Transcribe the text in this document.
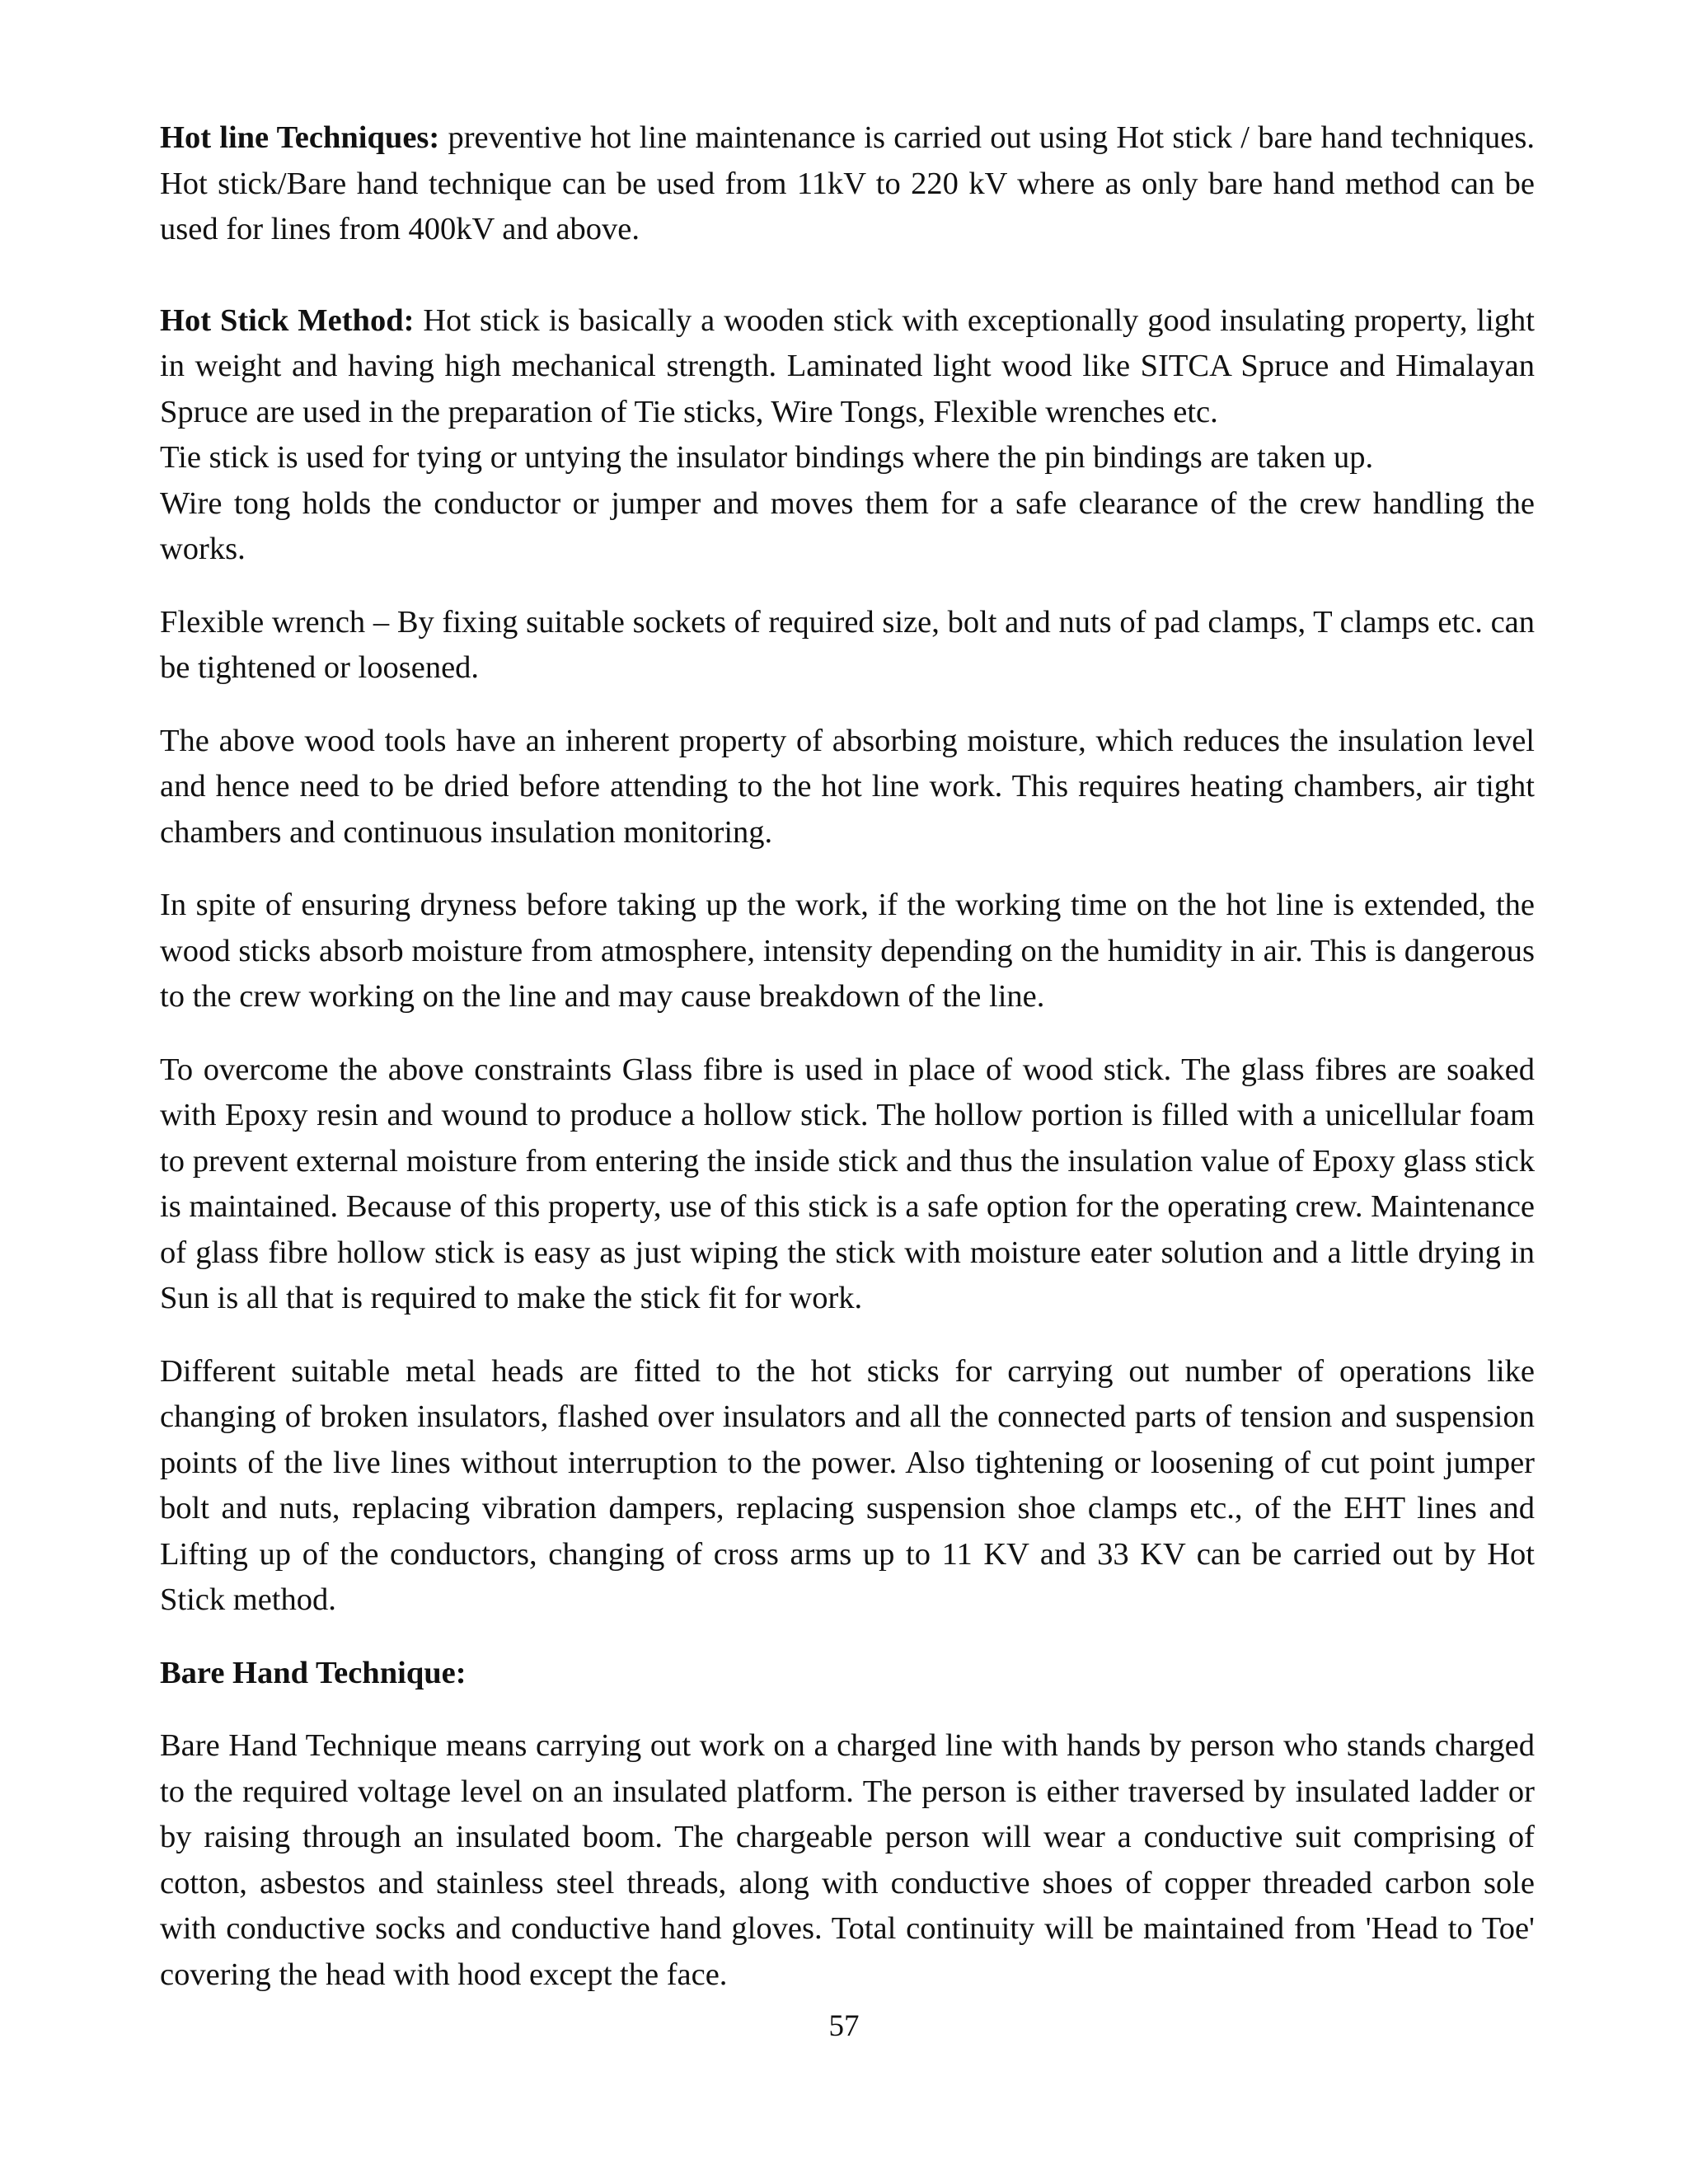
Hot line Techniques: preventive hot line maintenance is carried out using Hot stick / bare hand techniques. Hot stick/Bare hand technique can be used from 11kV to 220 kV where as only bare hand method can be used for lines from 400kV and above.

Hot Stick Method: Hot stick is basically a wooden stick with exceptionally good insulating property, light in weight and having high mechanical strength. Laminated light wood like SITCA Spruce and Himalayan Spruce are used in the preparation of Tie sticks, Wire Tongs, Flexible wrenches etc.

Tie stick is used for tying or untying the insulator bindings where the pin bindings are taken up.

Wire tong holds the conductor or jumper and moves them for a safe clearance of the crew handling the works.

Flexible wrench – By fixing suitable sockets of required size, bolt and nuts of pad clamps, T clamps etc. can be tightened or loosened.

The above wood tools have an inherent property of absorbing moisture, which reduces the insulation level and hence need to be dried before attending to the hot line work. This requires heating chambers, air tight chambers and continuous insulation monitoring.

In spite of ensuring dryness before taking up the work, if the working time on the hot line is extended, the wood sticks absorb moisture from atmosphere, intensity depending on the humidity in air. This is dangerous to the crew working on the line and may cause breakdown of the line.

To overcome the above constraints Glass fibre is used in place of wood stick. The glass fibres are soaked with Epoxy resin and wound to produce a hollow stick. The hollow portion is filled with a unicellular foam to prevent external moisture from entering the inside stick and thus the insulation value of Epoxy glass stick is maintained. Because of this property, use of this stick is a safe option for the operating crew. Maintenance of glass fibre hollow stick is easy as just wiping the stick with moisture eater solution and a little drying in Sun is all that is required to make the stick fit for work.

Different suitable metal heads are fitted to the hot sticks for carrying out number of operations like changing of broken insulators, flashed over insulators and all the connected parts of tension and suspension points of the live lines without interruption to the power. Also tightening or loosening of cut point jumper bolt and nuts, replacing vibration dampers, replacing suspension shoe clamps etc., of the EHT lines and Lifting up of the conductors, changing of cross arms up to 11 KV and 33 KV can be carried out by Hot Stick method.

Bare Hand Technique:

Bare Hand Technique means carrying out work on a charged line with hands by person who stands charged to the required voltage level on an insulated platform. The person is either traversed by insulated ladder or by raising through an insulated boom. The chargeable person will wear a conductive suit comprising of cotton, asbestos and stainless steel threads, along with conductive shoes of copper threaded carbon sole with conductive socks and conductive hand gloves. Total continuity will be maintained from 'Head to Toe' covering the head with hood except the face.

57
